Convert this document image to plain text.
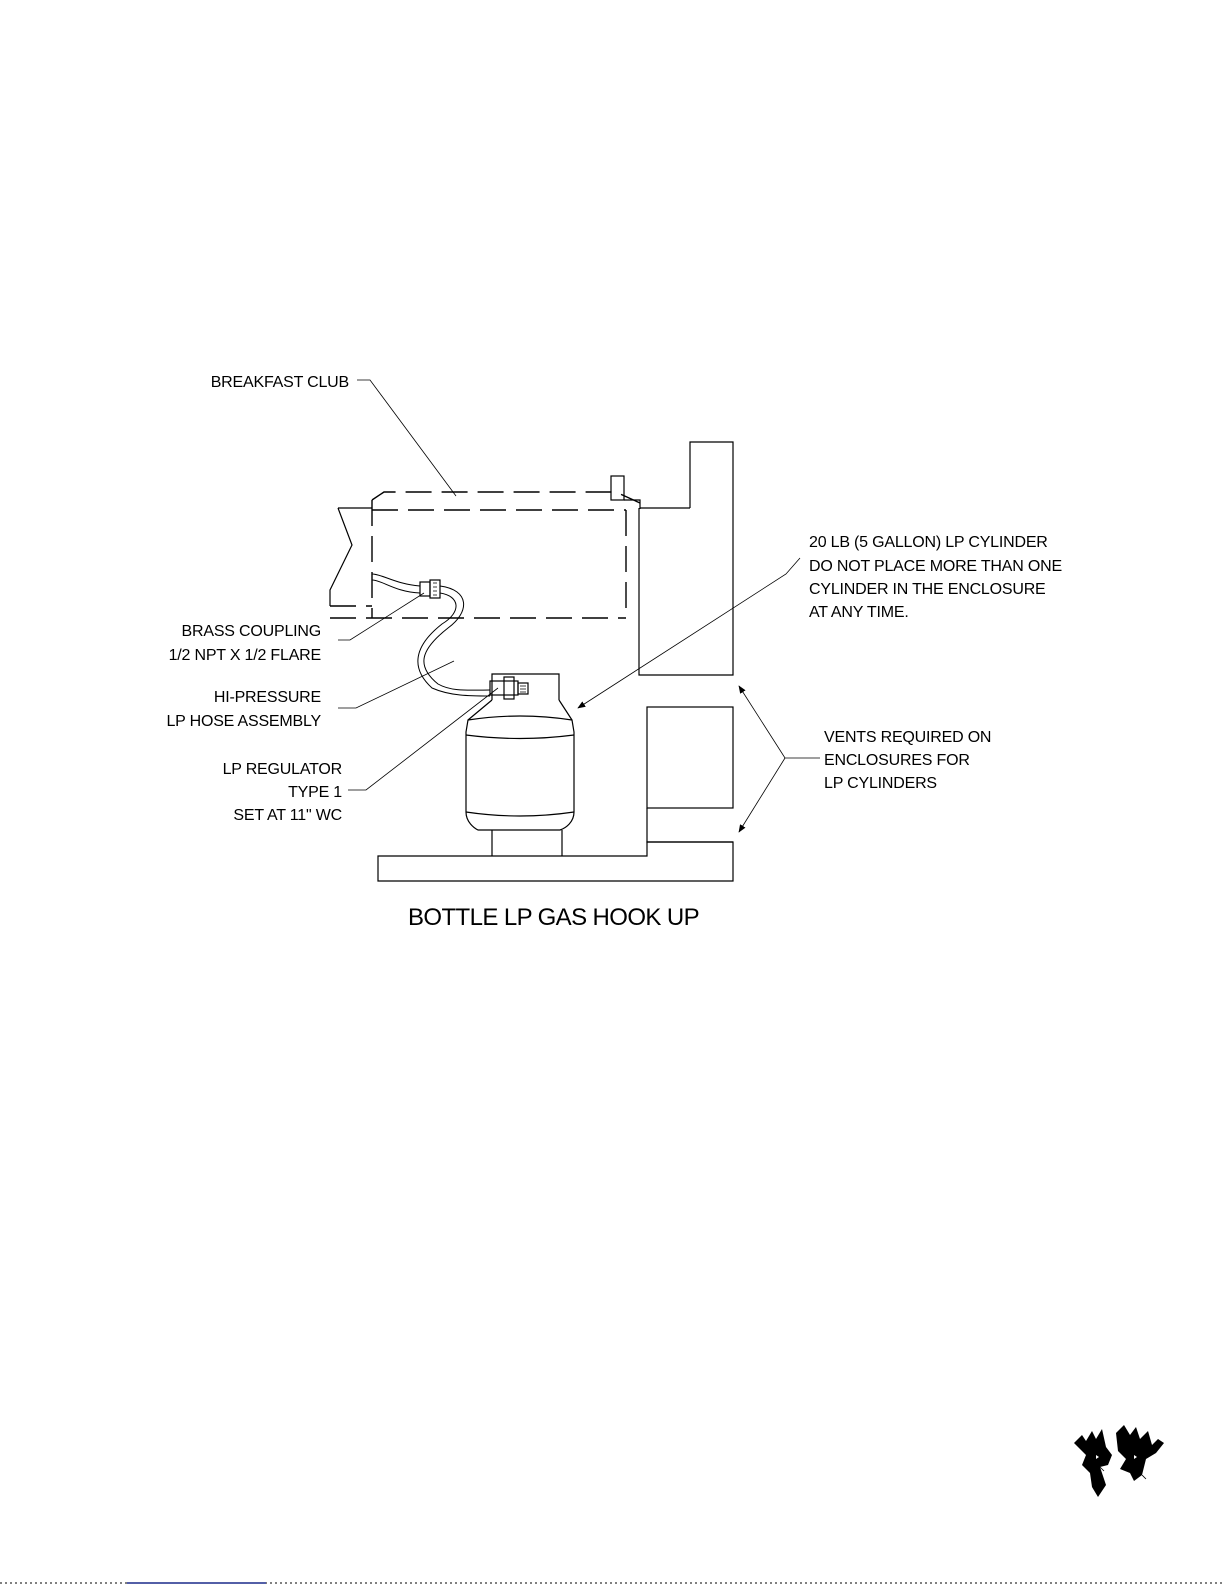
BREAKFAST CLUB
BRASS COUPLING
1/2 NPT X 1/2 FLARE
HI-PRESSURE
LP HOSE ASSEMBLY
LP REGULATOR
TYPE 1
SET AT 11" WC
20 LB (5 GALLON) LP CYLINDER
DO NOT PLACE MORE THAN ONE
CYLINDER IN THE ENCLOSURE
AT ANY TIME.
VENTS REQUIRED ON
ENCLOSURES FOR
LP CYLINDERS
BOTTLE LP GAS HOOK UP
